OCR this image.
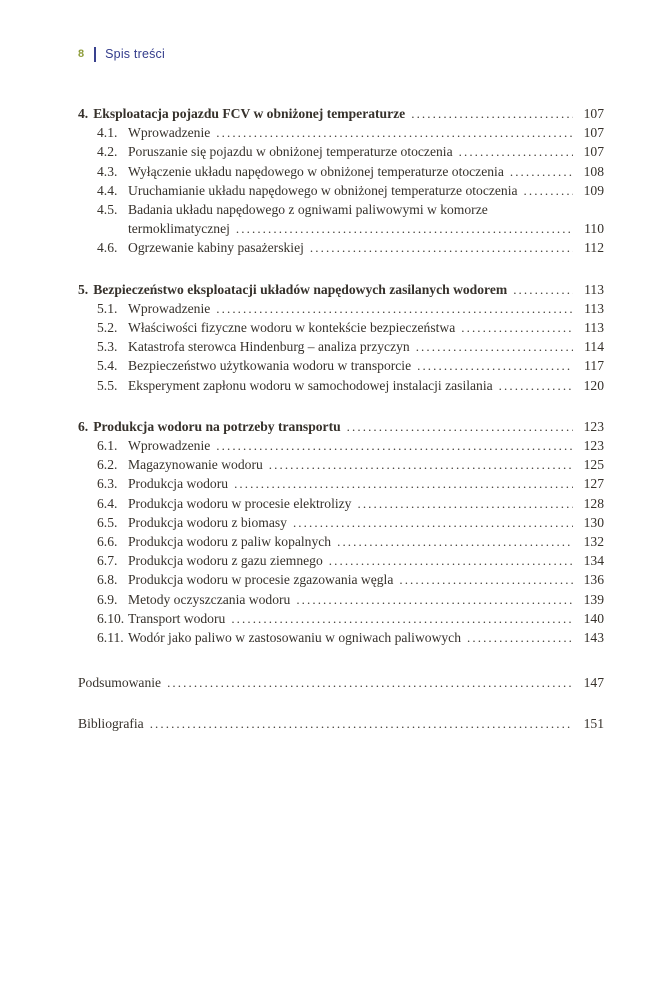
8 Spis treści
4. Eksploatacja pojazdu FCV w obniżonej temperaturze .....	107
4.1. Wprowadzenie .....	107
4.2. Poruszanie się pojazdu w obniżonej temperaturze otoczenia .....	107
4.3. Wyłączenie układu napędowego w obniżonej temperaturze otoczenia .....	108
4.4. Uruchamianie układu napędowego w obniżonej temperaturze otoczenia .....	109
4.5. Badania układu napędowego z ogniwami paliwowymi w komorze
termoklimatycznej .....	110
4.6. Ogrzewanie kabiny pasażerskiej .....	112
5. Bezpieczeństwo eksploatacji układów napędowych zasilanych wodorem .....	113
5.1. Wprowadzenie .....	113
5.2. Właściwości fizyczne wodoru w kontekście bezpieczeństwa .....	113
5.3. Katastrofa sterowca Hindenburg – analiza przyczyn .....	114
5.4. Bezpieczeństwo użytkowania wodoru w transporcie .....	117
5.5. Eksperyment zapłonu wodoru w samochodowej instalacji zasilania .....	120
6. Produkcja wodoru na potrzeby transportu .....	123
6.1. Wprowadzenie .....	123
6.2. Magazynowanie wodoru .....	125
6.3. Produkcja wodoru .....	127
6.4. Produkcja wodoru w procesie elektrolizy .....	128
6.5. Produkcja wodoru z biomasy .....	130
6.6. Produkcja wodoru z paliw kopalnych .....	132
6.7. Produkcja wodoru z gazu ziemnego .....	134
6.8. Produkcja wodoru w procesie zgazowania węgla .....	136
6.9. Metody oczyszczania wodoru .....	139
6.10. Transport wodoru .....	140
6.11. Wodór jako paliwo w zastosowaniu w ogniwach paliwowych .....	143
Podsumowanie .....	147
Bibliografia .....	151
